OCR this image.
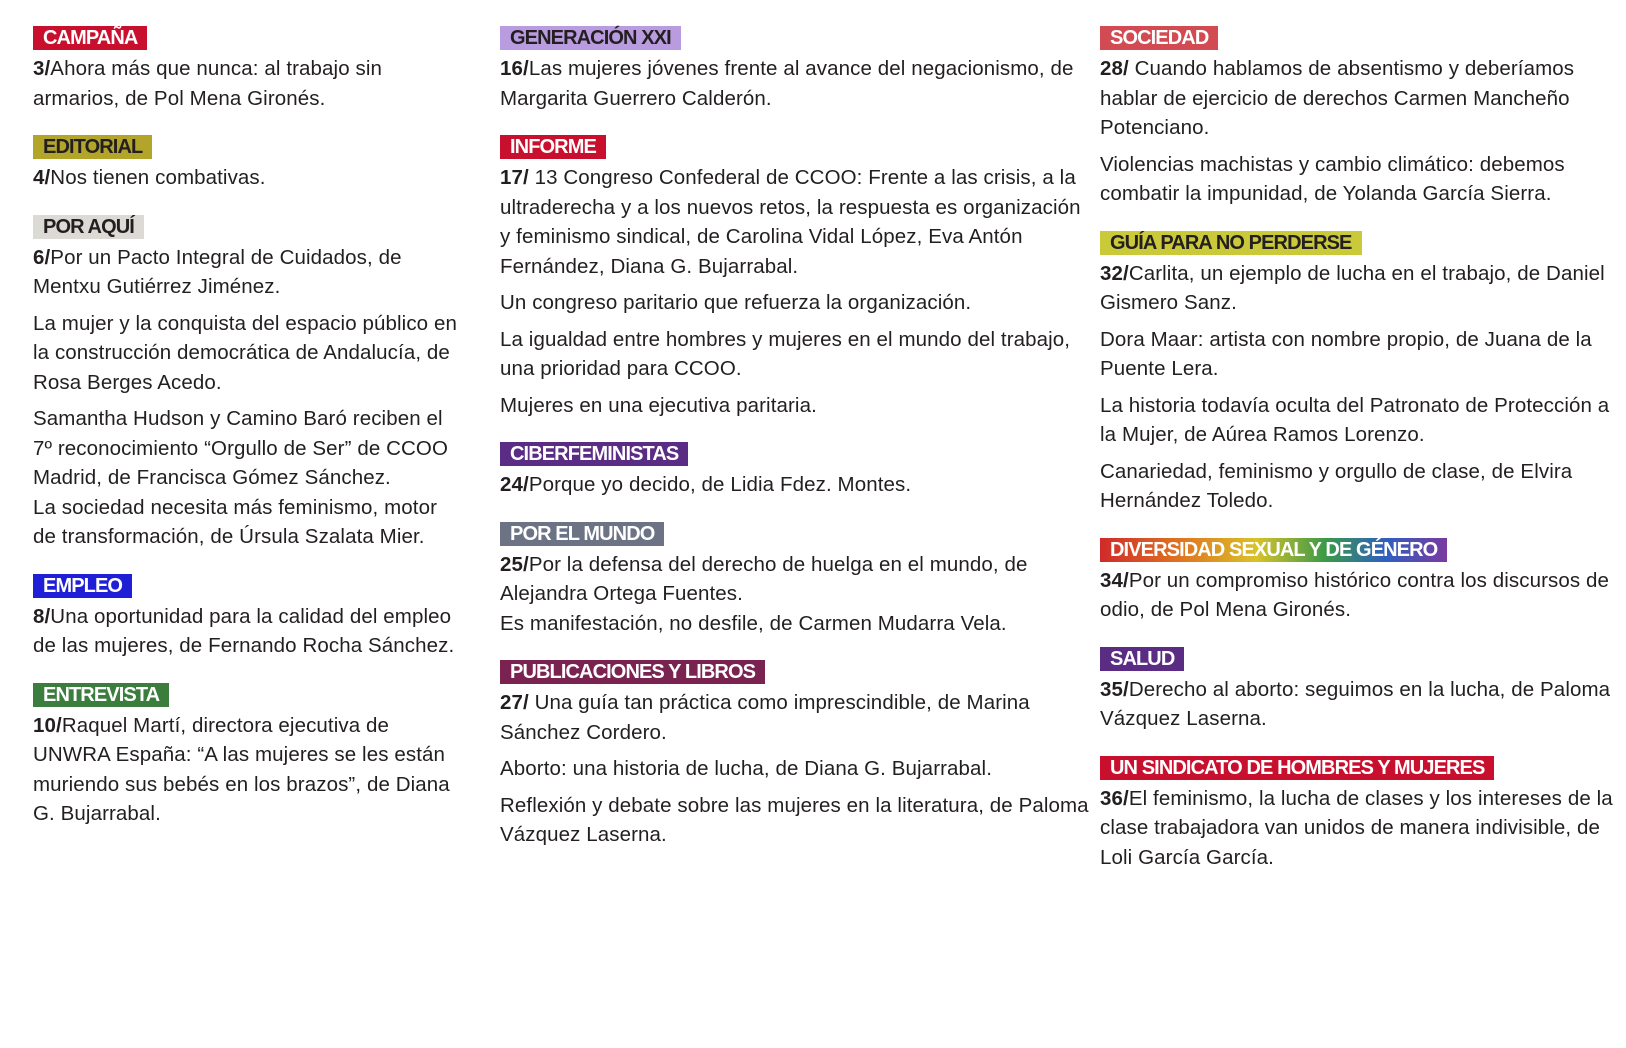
CAMPAÑA
3/Ahora más que nunca: al trabajo sin armarios, de Pol Mena Gironés.
EDITORIAL
4/Nos tienen combativas.
POR AQUÍ
6/Por un Pacto Integral de Cuidados, de Mentxu Gutiérrez Jiménez.
La mujer y la conquista del espacio público en la construcción democrática de Andalucía, de Rosa Berges Acedo.
Samantha Hudson y Camino Baró reciben el 7º reconocimiento “Orgullo de Ser” de CCOO Madrid, de Francisca Gómez Sánchez.
La sociedad necesita más feminismo, motor de transformación, de Úrsula Szalata Mier.
EMPLEO
8/Una oportunidad para la calidad del empleo de las mujeres, de Fernando Rocha Sánchez.
ENTREVISTA
10/Raquel Martí, directora ejecutiva de UNWRA España: “A las mujeres se les están muriendo sus bebés en los brazos”, de Diana G. Bujarrabal.
GENERACIÓN XXI
16/Las mujeres jóvenes frente al avance del negacionismo, de Margarita Guerrero Calderón.
INFORME
17/ 13 Congreso Confederal de CCOO: Frente a las crisis, a la ultraderecha y a los nuevos retos, la respuesta es organización y feminismo sindical, de Carolina Vidal López, Eva Antón Fernández, Diana G. Bujarrabal.
Un congreso paritario que refuerza la organización.
La igualdad entre hombres y mujeres en el mundo del trabajo, una prioridad para CCOO.
Mujeres en una ejecutiva paritaria.
CIBERFEMINISTAS
24/Porque yo decido, de Lidia Fdez. Montes.
POR EL MUNDO
25/Por la defensa del derecho de huelga en el mundo, de Alejandra Ortega Fuentes.
Es manifestación, no desfile, de Carmen Mudarra Vela.
PUBLICACIONES Y LIBROS
27/ Una guía tan práctica como imprescindible, de Marina Sánchez Cordero.
Aborto: una historia de lucha, de Diana G. Bujarrabal.
Reflexión y debate sobre las mujeres en la literatura, de Paloma Vázquez Laserna.
SOCIEDAD
28/ Cuando hablamos de absentismo y deberíamos hablar de ejercicio de derechos Carmen Mancheño Potenciano.
Violencias machistas y cambio climático: debemos combatir la impunidad, de Yolanda García Sierra.
GUÍA PARA NO PERDERSE
32/Carlita, un ejemplo de lucha en el trabajo, de Daniel Gismero Sanz.
Dora Maar: artista con nombre propio, de Juana de la Puente Lera.
La historia todavía oculta del Patronato de Protección a la Mujer, de Aúrea Ramos Lorenzo.
Canariedad, feminismo y orgullo de clase, de Elvira Hernández Toledo.
DIVERSIDAD SEXUAL Y DE GÉNERO
34/Por un compromiso histórico contra los discursos de odio, de Pol Mena Gironés.
SALUD
35/Derecho al aborto: seguimos en la lucha, de Paloma Vázquez Laserna.
UN SINDICATO DE HOMBRES Y MUJERES
36/El feminismo, la lucha de clases y los intereses de la clase trabajadora van unidos de manera indivisible, de Loli García García.
